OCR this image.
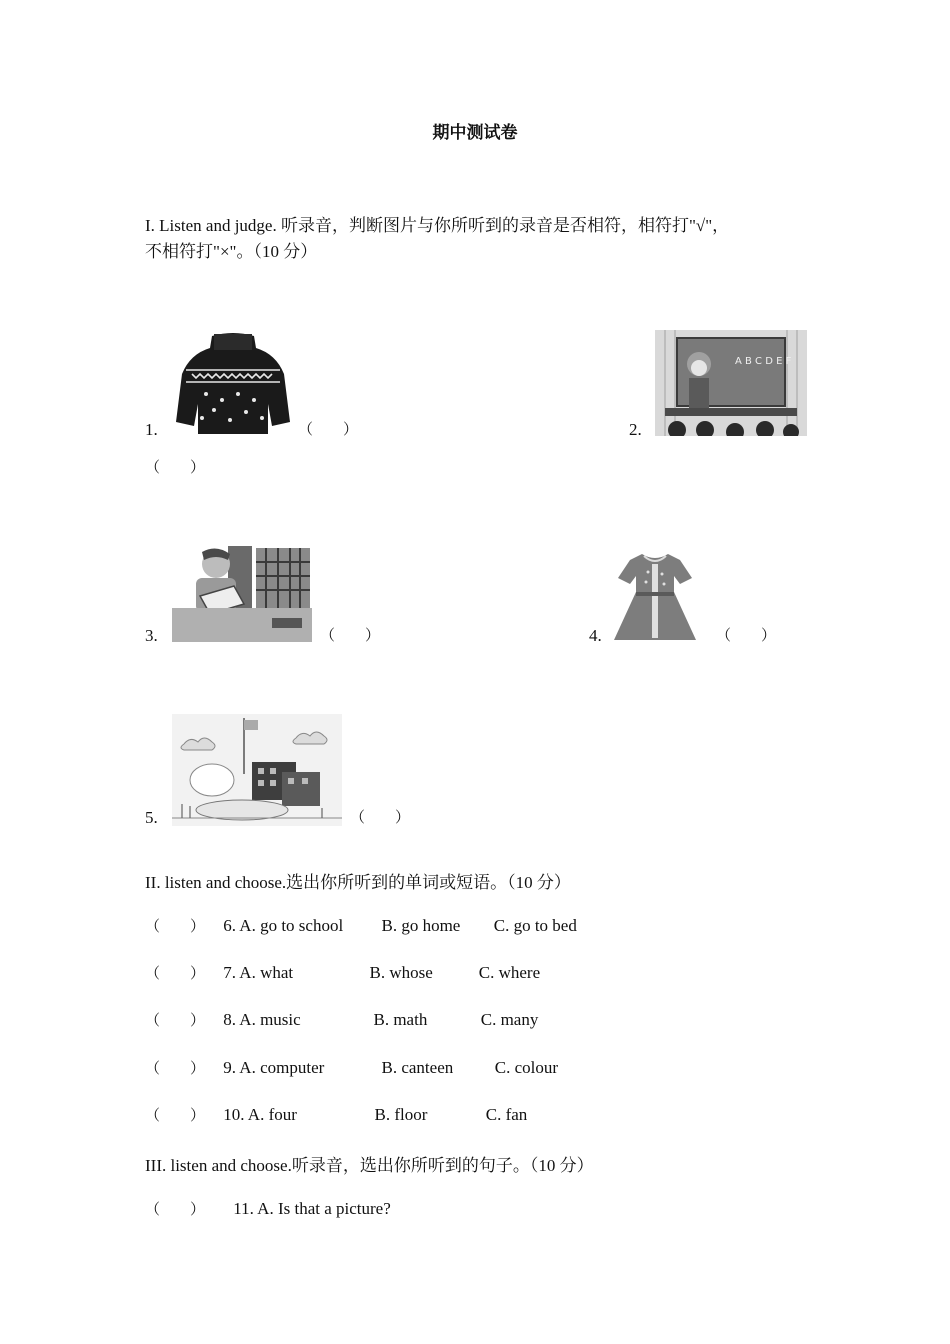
期中测试卷
I. Listen and judge. 听录音，判断图片与你所听到的录音是否相符，相符打"√"，
不相符打"×"。（10 分）
1.	（　　）	2.
A B C D E F
（　　）
3.	（　　）	4.	（　　）
5.	（　　）
II. listen and choose.选出你所听到的单词或短语。（10 分）
（　　） 6. A. go to school B. go home C. go to bed
（　　） 7. A. what	B. whose	C. where
（　　） 8. A. music	B. math	C. many
（　　） 9. A. computer	B. canteen C. colour
（　　） 10. A. four	B. floor	C. fan
III. listen and choose.听录音，选出你所听到的句子。（10 分）
（　　） 11. A. Is that a picture?
